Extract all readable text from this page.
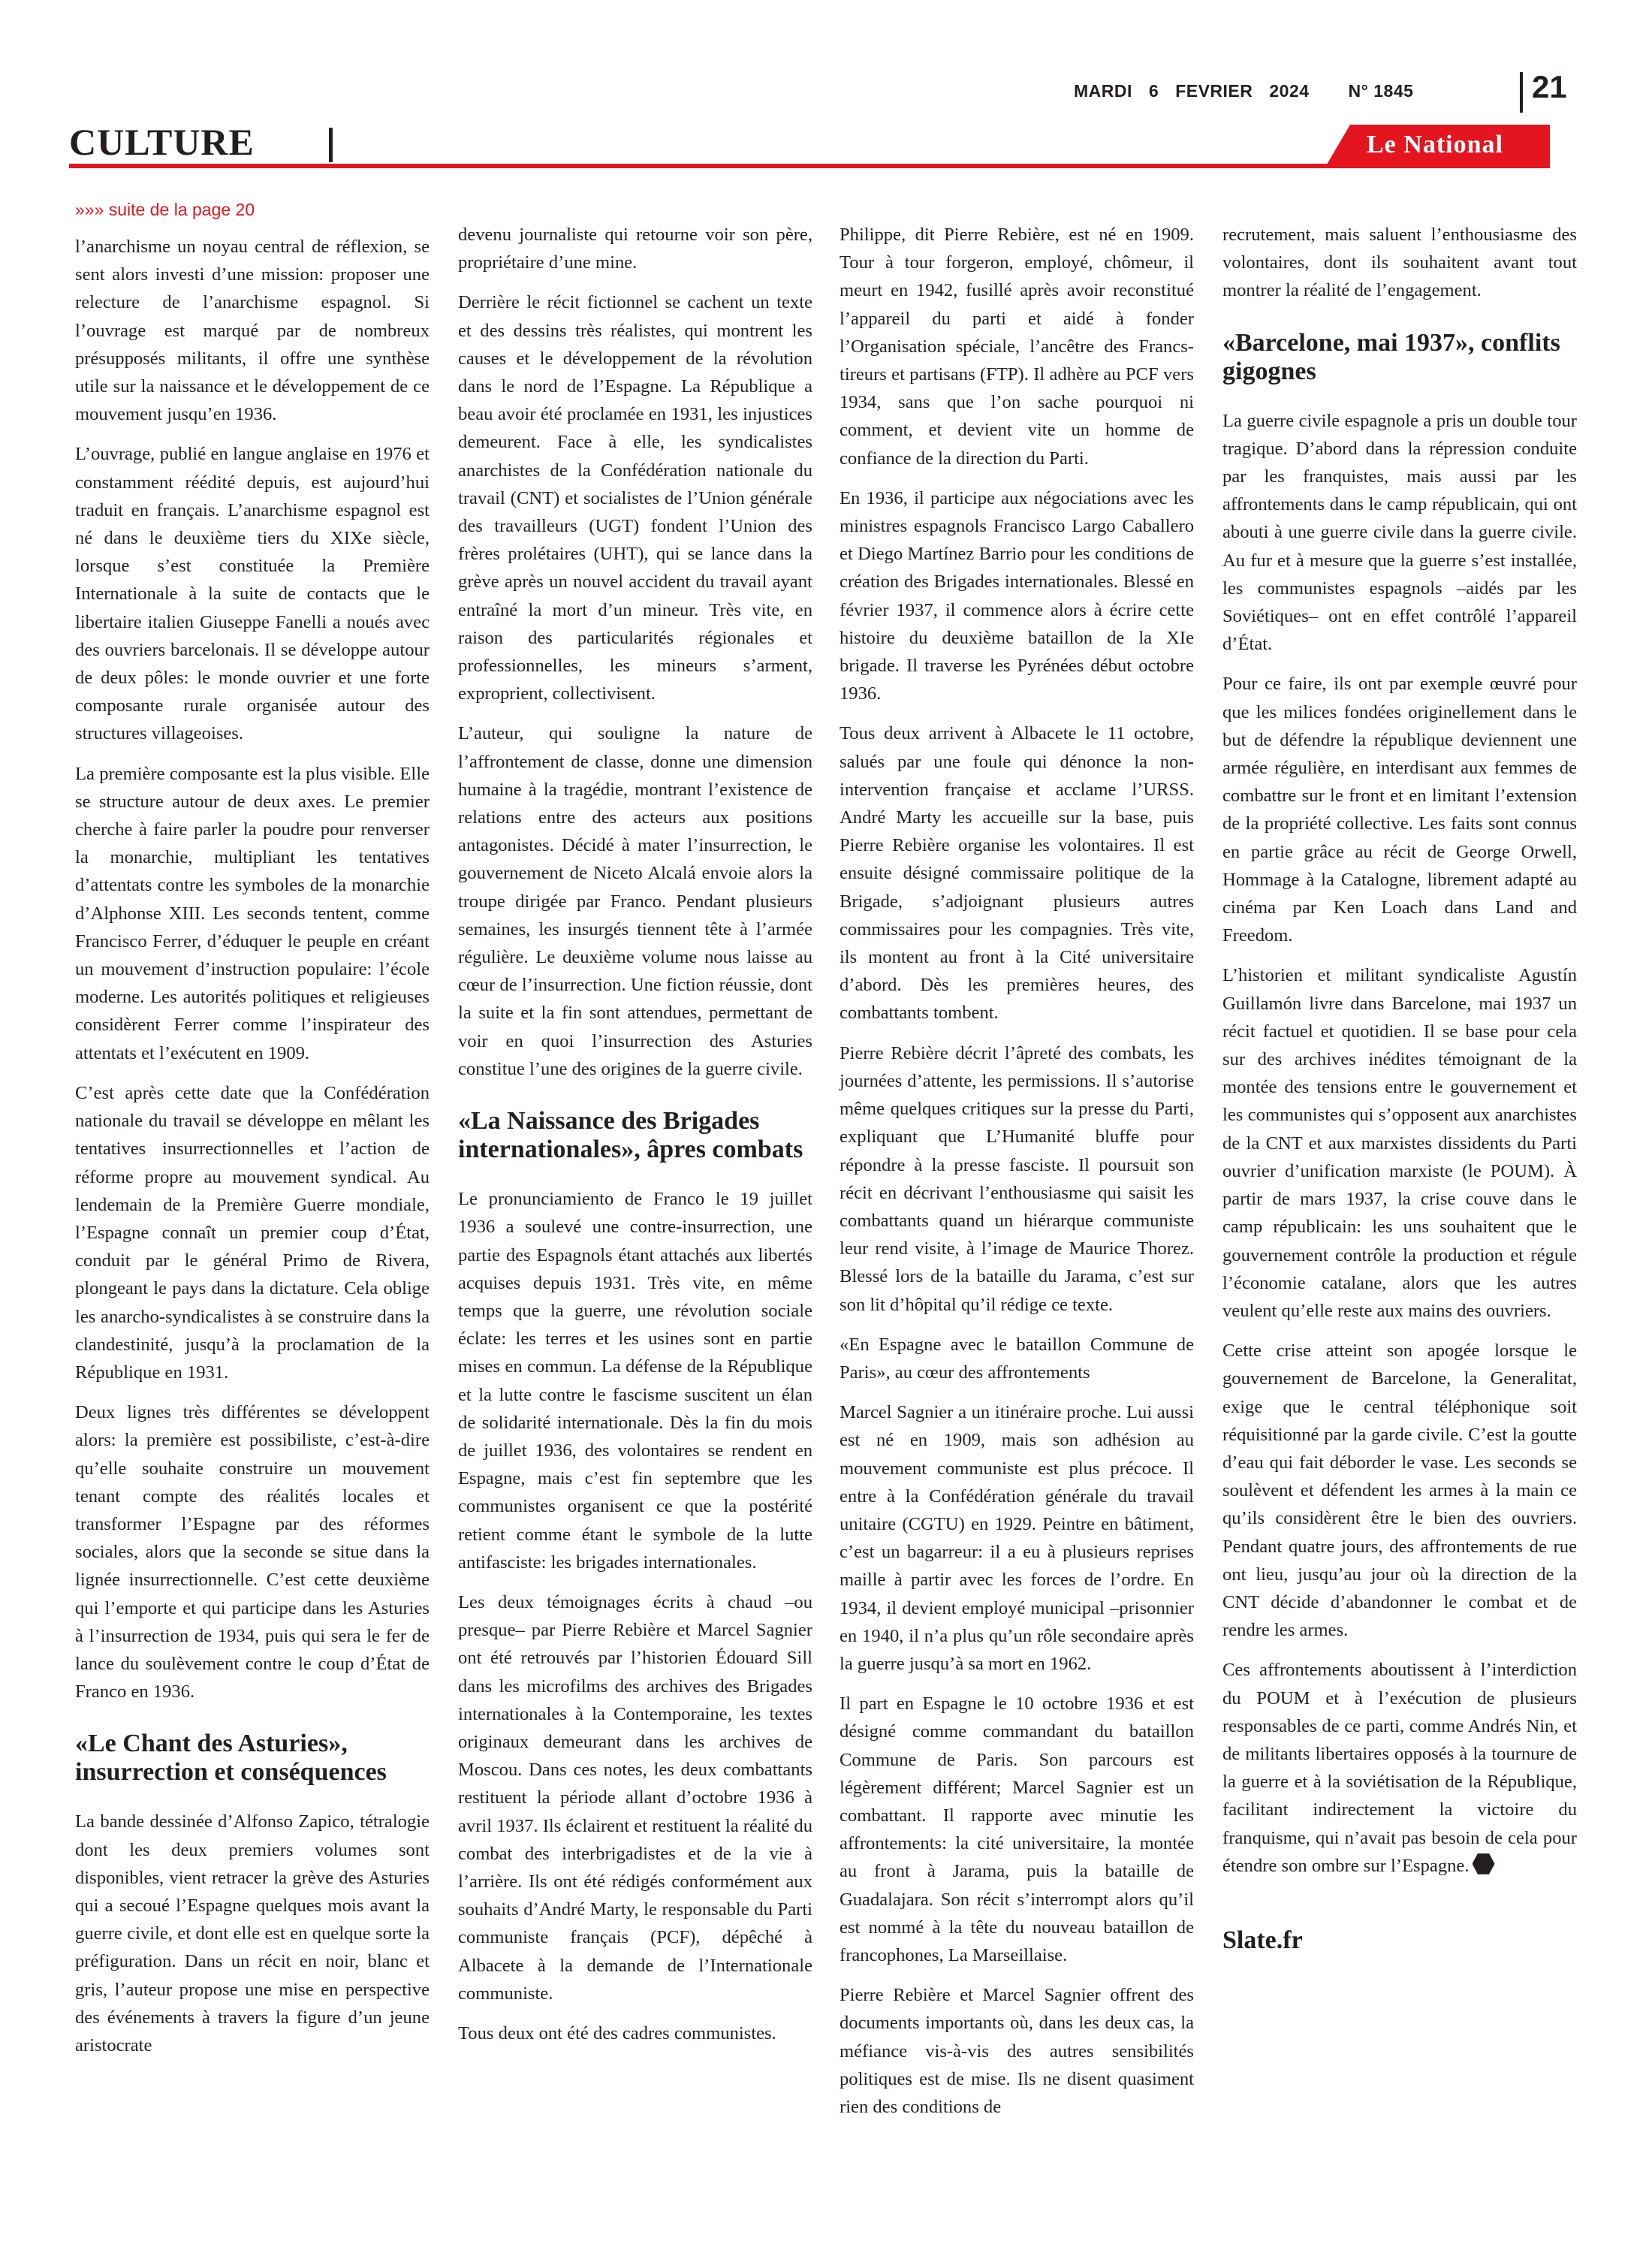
MARDI 6 FEVRIER 2024 N° 1845	21
CULTURE	Le National

»»» suite de la page 20

l’anarchisme un noyau central de réflexion, se sent alors investi d’une mission: proposer une relecture de l’anarchisme espagnol. Si l’ouvrage est marqué par de nombreux présupposés militants, il offre une synthèse utile sur la naissance et le développement de ce mouvement jusqu’en 1936.

L’ouvrage, publié en langue anglaise en 1976 et constamment réédité depuis, est aujourd’hui traduit en français. L’anarchisme espagnol est né dans le deuxième tiers du XIXe siècle, lorsque s’est constituée la Première Internationale à la suite de contacts que le libertaire italien Giuseppe Fanelli a noués avec des ouvriers barcelonais. Il se développe autour de deux pôles: le monde ouvrier et une forte composante rurale organisée autour des structures villageoises.

La première composante est la plus visible. Elle se structure autour de deux axes. Le premier cherche à faire parler la poudre pour renverser la monarchie, multipliant les tentatives d’attentats contre les symboles de la monarchie d’Alphonse XIII. Les seconds tentent, comme Francisco Ferrer, d’éduquer le peuple en créant un mouvement d’instruction populaire: l’école moderne. Les autorités politiques et religieuses considèrent Ferrer comme l’inspirateur des attentats et l’exécutent en 1909.

C’est après cette date que la Confédération nationale du travail se développe en mêlant les tentatives insurrectionnelles et l’action de réforme propre au mouvement syndical. Au lendemain de la Première Guerre mondiale, l’Espagne connaît un premier coup d’État, conduit par le général Primo de Rivera, plongeant le pays dans la dictature. Cela oblige les anarcho-syndicalistes à se construire dans la clandestinité, jusqu’à la proclamation de la République en 1931.

Deux lignes très différentes se développent alors: la première est possibiliste, c’est-à-dire qu’elle souhaite construire un mouvement tenant compte des réalités locales et transformer l’Espagne par des réformes sociales, alors que la seconde se situe dans la lignée insurrectionnelle. C’est cette deuxième qui l’emporte et qui participe dans les Asturies à l’insurrection de 1934, puis qui sera le fer de lance du soulèvement contre le coup d’État de Franco en 1936.

«Le Chant des Asturies», insurrection et conséquences

La bande dessinée d’Alfonso Zapico, tétralogie dont les deux premiers volumes sont disponibles, vient retracer la grève des Asturies qui a secoué l’Espagne quelques mois avant la guerre civile, et dont elle est en quelque sorte la préfiguration. Dans un récit en noir, blanc et gris, l’auteur propose une mise en perspective des événements à travers la figure d’un jeune aristocrate

devenu journaliste qui retourne voir son père, propriétaire d’une mine.

Derrière le récit fictionnel se cachent un texte et des dessins très réalistes, qui montrent les causes et le développement de la révolution dans le nord de l’Espagne. La République a beau avoir été proclamée en 1931, les injustices demeurent. Face à elle, les syndicalistes anarchistes de la Confédération nationale du travail (CNT) et socialistes de l’Union générale des travailleurs (UGT) fondent l’Union des frères prolétaires (UHT), qui se lance dans la grève après un nouvel accident du travail ayant entraîné la mort d’un mineur. Très vite, en raison des particularités régionales et professionnelles, les mineurs s’arment, exproprient, collectivisent.

L’auteur, qui souligne la nature de l’affrontement de classe, donne une dimension humaine à la tragédie, montrant l’existence de relations entre des acteurs aux positions antagonistes. Décidé à mater l’insurrection, le gouvernement de Niceto Alcalá envoie alors la troupe dirigée par Franco. Pendant plusieurs semaines, les insurgés tiennent tête à l’armée régulière. Le deuxième volume nous laisse au cœur de l’insurrection. Une fiction réussie, dont la suite et la fin sont attendues, permettant de voir en quoi l’insurrection des Asturies constitue l’une des origines de la guerre civile.

«La Naissance des Brigades internationales», âpres combats

Le pronunciamiento de Franco le 19 juillet 1936 a soulevé une contre-insurrection, une partie des Espagnols étant attachés aux libertés acquises depuis 1931. Très vite, en même temps que la guerre, une révolution sociale éclate: les terres et les usines sont en partie mises en commun. La défense de la République et la lutte contre le fascisme suscitent un élan de solidarité internationale. Dès la fin du mois de juillet 1936, des volontaires se rendent en Espagne, mais c’est fin septembre que les communistes organisent ce que la postérité retient comme étant le symbole de la lutte antifasciste: les brigades internationales.

Les deux témoignages écrits à chaud –ou presque– par Pierre Rebière et Marcel Sagnier ont été retrouvés par l’historien Édouard Sill dans les microfilms des archives des Brigades internationales à la Contemporaine, les textes originaux demeurant dans les archives de Moscou. Dans ces notes, les deux combattants restituent la période allant d’octobre 1936 à avril 1937. Ils éclairent et restituent la réalité du combat des interbrigadistes et de la vie à l’arrière. Ils ont été rédigés conformément aux souhaits d’André Marty, le responsable du Parti communiste français (PCF), dépêché à Albacete à la demande de l’Internationale communiste.

Tous deux ont été des cadres communistes.

Philippe, dit Pierre Rebière, est né en 1909. Tour à tour forgeron, employé, chômeur, il meurt en 1942, fusillé après avoir reconstitué l’appareil du parti et aidé à fonder l’Organisation spéciale, l’ancêtre des Francs-tireurs et partisans (FTP). Il adhère au PCF vers 1934, sans que l’on sache pourquoi ni comment, et devient vite un homme de confiance de la direction du Parti.

En 1936, il participe aux négociations avec les ministres espagnols Francisco Largo Caballero et Diego Martínez Barrio pour les conditions de création des Brigades internationales. Blessé en février 1937, il commence alors à écrire cette histoire du deuxième bataillon de la XIe brigade. Il traverse les Pyrénées début octobre 1936.

Tous deux arrivent à Albacete le 11 octobre, salués par une foule qui dénonce la non-intervention française et acclame l’URSS. André Marty les accueille sur la base, puis Pierre Rebière organise les volontaires. Il est ensuite désigné commissaire politique de la Brigade, s’adjoignant plusieurs autres commissaires pour les compagnies. Très vite, ils montent au front à la Cité universitaire d’abord. Dès les premières heures, des combattants tombent.

Pierre Rebière décrit l’âpreté des combats, les journées d’attente, les permissions. Il s’autorise même quelques critiques sur la presse du Parti, expliquant que L’Humanité bluffe pour répondre à la presse fasciste. Il poursuit son récit en décrivant l’enthousiasme qui saisit les combattants quand un hiérarque communiste leur rend visite, à l’image de Maurice Thorez. Blessé lors de la bataille du Jarama, c’est sur son lit d’hôpital qu’il rédige ce texte.

«En Espagne avec le bataillon Commune de Paris», au cœur des affrontements

Marcel Sagnier a un itinéraire proche. Lui aussi est né en 1909, mais son adhésion au mouvement communiste est plus précoce. Il entre à la Confédération générale du travail unitaire (CGTU) en 1929. Peintre en bâtiment, c’est un bagarreur: il a eu à plusieurs reprises maille à partir avec les forces de l’ordre. En 1934, il devient employé municipal –prisonnier en 1940, il n’a plus qu’un rôle secondaire après la guerre jusqu’à sa mort en 1962.

Il part en Espagne le 10 octobre 1936 et est désigné comme commandant du bataillon Commune de Paris. Son parcours est légèrement différent; Marcel Sagnier est un combattant. Il rapporte avec minutie les affrontements: la cité universitaire, la montée au front à Jarama, puis la bataille de Guadalajara. Son récit s’interrompt alors qu’il est nommé à la tête du nouveau bataillon de francophones, La Marseillaise.

Pierre Rebière et Marcel Sagnier offrent des documents importants où, dans les deux cas, la méfiance vis-à-vis des autres sensibilités politiques est de mise. Ils ne disent quasiment rien des conditions de

recrutement, mais saluent l’enthousiasme des volontaires, dont ils souhaitent avant tout montrer la réalité de l’engagement.

«Barcelone, mai 1937», conflits gigognes

La guerre civile espagnole a pris un double tour tragique. D’abord dans la répression conduite par les franquistes, mais aussi par les affrontements dans le camp républicain, qui ont abouti à une guerre civile dans la guerre civile. Au fur et à mesure que la guerre s’est installée, les communistes espagnols –aidés par les Soviétiques– ont en effet contrôlé l’appareil d’État.

Pour ce faire, ils ont par exemple œuvré pour que les milices fondées originellement dans le but de défendre la république deviennent une armée régulière, en interdisant aux femmes de combattre sur le front et en limitant l’extension de la propriété collective. Les faits sont connus en partie grâce au récit de George Orwell, Hommage à la Catalogne, librement adapté au cinéma par Ken Loach dans Land and Freedom.

L’historien et militant syndicaliste Agustín Guillamón livre dans Barcelone, mai 1937 un récit factuel et quotidien. Il se base pour cela sur des archives inédites témoignant de la montée des tensions entre le gouvernement et les communistes qui s’opposent aux anarchistes de la CNT et aux marxistes dissidents du Parti ouvrier d’unification marxiste (le POUM). À partir de mars 1937, la crise couve dans le camp républicain: les uns souhaitent que le gouvernement contrôle la production et régule l’économie catalane, alors que les autres veulent qu’elle reste aux mains des ouvriers.

Cette crise atteint son apogée lorsque le gouvernement de Barcelone, la Generalitat, exige que le central téléphonique soit réquisitionné par la garde civile. C’est la goutte d’eau qui fait déborder le vase. Les seconds se soulèvent et défendent les armes à la main ce qu’ils considèrent être le bien des ouvriers. Pendant quatre jours, des affrontements de rue ont lieu, jusqu’au jour où la direction de la CNT décide d’abandonner le combat et de rendre les armes.

Ces affrontements aboutissent à l’interdiction du POUM et à l’exécution de plusieurs responsables de ce parti, comme Andrés Nin, et de militants libertaires opposés à la tournure de la guerre et à la soviétisation de la République, facilitant indirectement la victoire du franquisme, qui n’avait pas besoin de cela pour étendre son ombre sur l’Espagne.

Slate.fr
